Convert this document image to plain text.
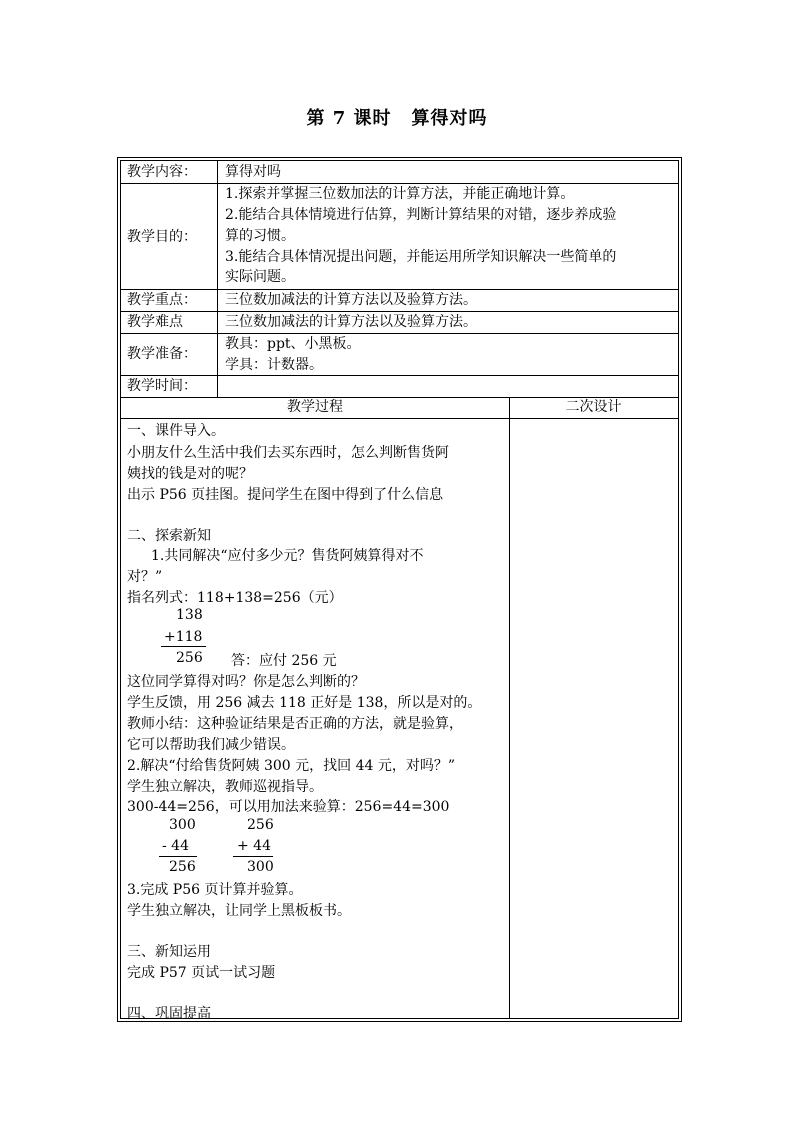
第 7 课时 算得对吗
教学内容： 算得对吗
教学目的：
1.探索并掌握三位数加法的计算方法，并能正确地计算。
2.能结合具体情境进行估算，判断计算结果的对错，逐步养成验
算的习惯。
3.能结合具体情况提出问题，并能运用所学知识解决一些简单的
实际问题。
教学重点： 三位数加减法的计算方法以及验算方法。
教学难点	三位数加减法的计算方法以及验算方法。
教学准备：
教具：ppt、小黑板。
学具：计数器。
教学时间：
教学过程	二次设计
一、课件导入。
小朋友什么生活中我们去买东西时，怎么判断售货阿
姨找的钱是对的呢？
出示 P56 页挂图。提问学生在图中得到了什么信息
二、探索新知
1.共同解决“应付多少元？售货阿姨算得对不
对？”
指名列式：118+138=256（元）
138
+118
256 答：应付 256 元
这位同学算得对吗？你是怎么判断的？
学生反馈，用 256 减去 118 正好是 138，所以是对的。
教师小结：这种验证结果是否正确的方法，就是验算，
它可以帮助我们减少错误。
2.解决“付给售货阿姨 300 元，找回 44 元，对吗？”
学生独立解决，教师巡视指导。
300-44=256，可以用加法来验算：256=44=300
300
- 44
256
256
+ 44
300
3.完成 P56 页计算并验算。
学生独立解决，让同学上黑板板书。
三、新知运用
完成 P57 页试一试习题
四、巩固提高
